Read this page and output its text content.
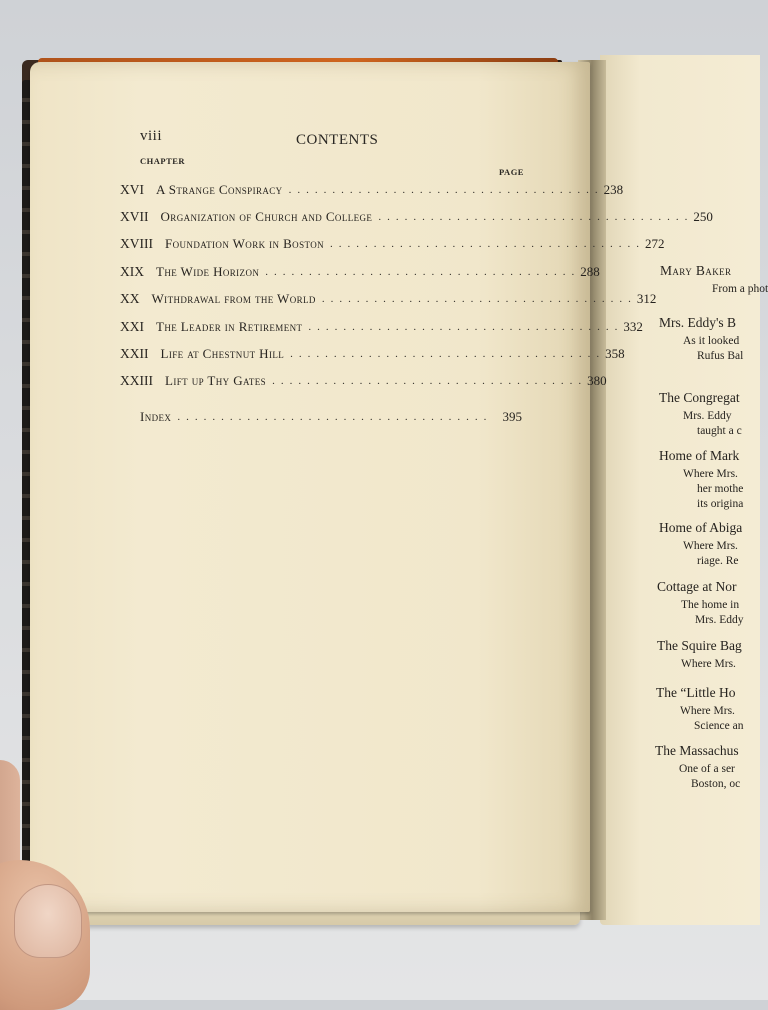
viii	CONTENTS
CHAPTER
PAGE
XVI A Strange Conspiracy .................................... 238
XVII Organization of Church and College .................................... 250
XVIII Foundation Work in Boston .................................... 272
XIX The Wide Horizon .................................... 288
XX Withdrawal from the World .................................... 312
XXI The Leader in Retirement .................................... 332
XXII Life at Chestnut Hill .................................... 358
XXIII Lift up Thy Gates .................................... 380
Index .................................... 395
Mary Baker
From a phot
Mrs. Eddy's B
As it looked
Rufus Bal
The Congregat
Mrs. Eddy
taught a c
Home of Mark
Where Mrs.
her mothe
its origina
Home of Abiga
Where Mrs.
riage. Re
Cottage at Nor
The home in
Mrs. Eddy
The Squire Bag
Where Mrs.
The “Little Ho
Where Mrs.
Science an
The Massachus
One of a ser
Boston, oc
